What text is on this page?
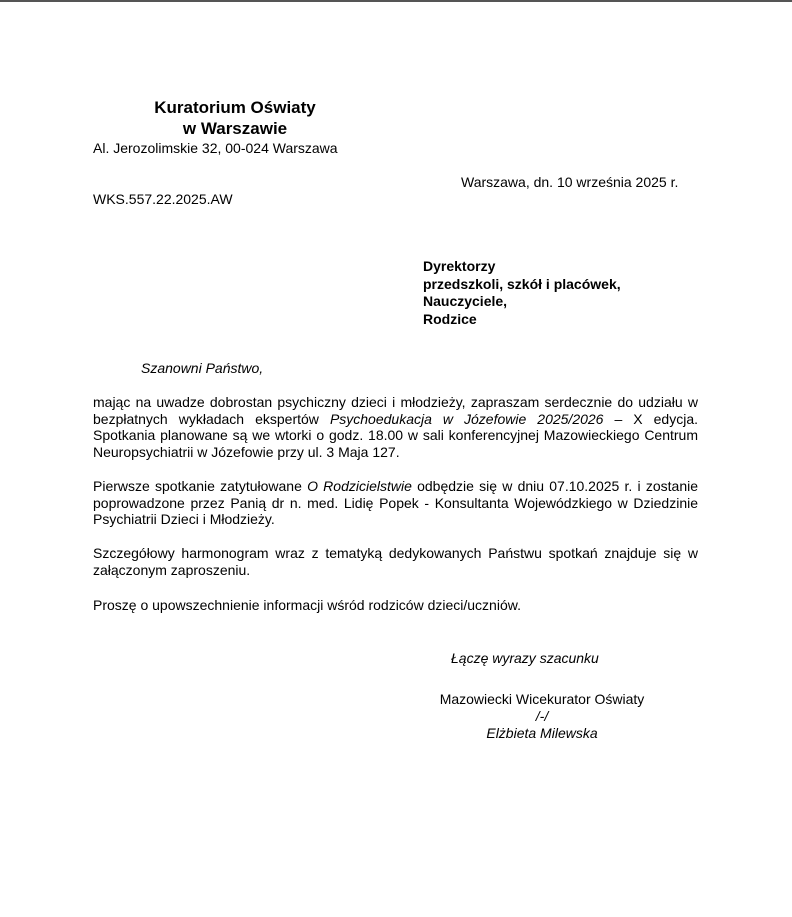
Kuratorium Oświaty
w Warszawie
Al. Jerozolimskie 32, 00-024 Warszawa
Warszawa, dn. 10 września 2025 r.
WKS.557.22.2025.AW
Dyrektorzy
przedszkoli, szkół i placówek,
Nauczyciele,
Rodzice
Szanowni Państwo,
mając na uwadze dobrostan psychiczny dzieci i młodzieży, zapraszam serdecznie do udziału w bezpłatnych wykładach ekspertów Psychoedukacja w Józefowie 2025/2026 – X edycja. Spotkania planowane są we wtorki o godz. 18.00 w sali konferencyjnej Mazowieckiego Centrum Neuropsychiatrii w Józefowie przy ul. 3 Maja 127.
Pierwsze spotkanie zatytułowane O Rodzicielstwie odbędzie się w dniu 07.10.2025 r. i zostanie poprowadzone przez Panią dr n. med. Lidię Popek - Konsultanta Wojewódzkiego w Dziedzinie Psychiatrii Dzieci i Młodzieży.
Szczegółowy harmonogram wraz z tematyką dedykowanych Państwu spotkań znajduje się w załączonym zaproszeniu.
Proszę o upowszechnienie informacji wśród rodziców dzieci/uczniów.
Łączę wyrazy szacunku
Mazowiecki Wicekurator Oświaty
/-/
Elżbieta Milewska
